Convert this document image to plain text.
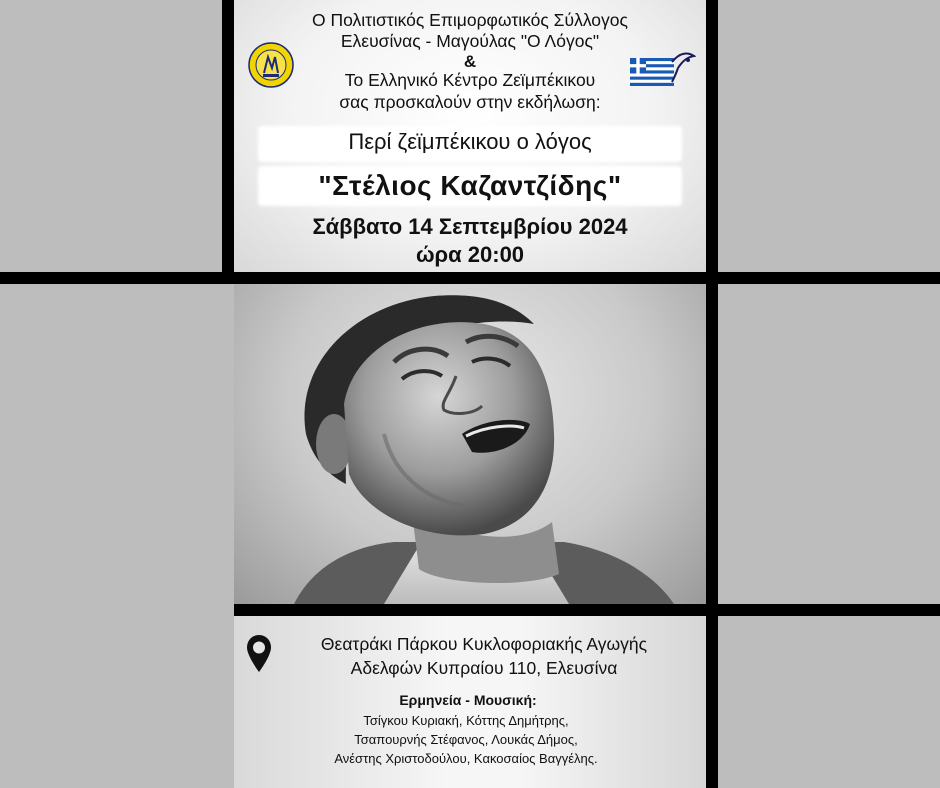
Ο Πολιτιστικός Επιμορφωτικός Σύλλογος
Ελευσίνας - Μαγούλας "Ο Λόγος"
&
Το Ελληνικό Κέντρο Ζεϊμπέκικου
σας προσκαλούν στην εκδήλωση:
Περί ζεϊμπέκικου ο λόγος
"Στέλιος Καζαντζίδης"
Σάββατο 14 Σεπτεμβρίου 2024
ώρα 20:00
Θεατράκι Πάρκου Κυκλοφοριακής Αγωγής
Αδελφών Κυπραίου 110, Ελευσίνα
Ερμηνεία - Μουσική:
Τσίγκου Κυριακή, Κόττης Δημήτρης,
Τσαπουρνής Στέφανος, Λουκάς Δήμος,
Ανέστης Χριστοδούλου, Κακοσαίος Βαγγέλης.
